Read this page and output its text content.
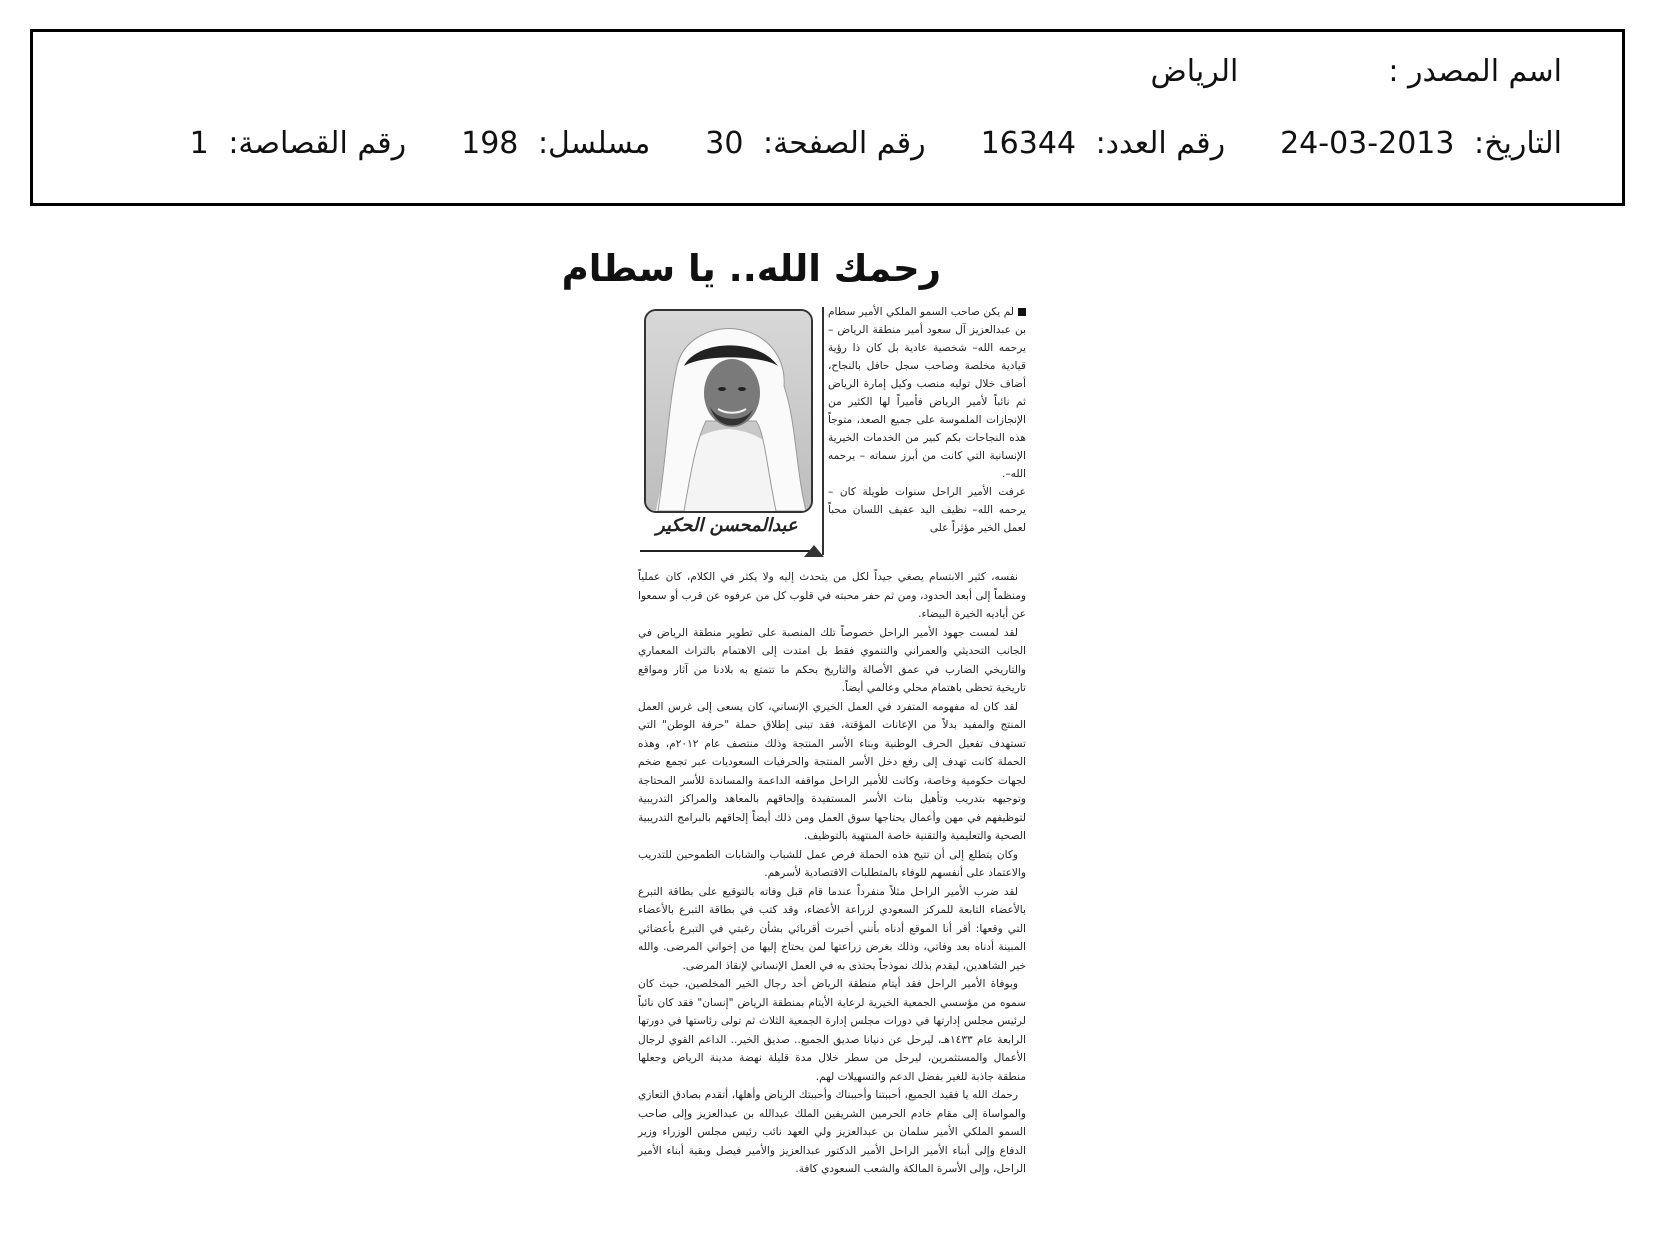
اسم المصدر :
الرياض
التاريخ: 2013-03-24
رقم العدد: 16344
رقم الصفحة: 30
مسلسل: 198
رقم القصاصة: 1
رحمك الله.. يا سطام
عبدالمحسن الحكير

لم يكن صاحب السمو الملكي الأمير سطام بن عبدالعزيز آل سعود أمير منطقة الرياض – يرحمه الله– شخصية عادية بل كان ذا رؤية قيادية مخلصة وصاحب سجل حافل بالنجاح، أضاف خلال توليه منصب وكيل إمارة الرياض ثم نائباً لأمير الرياض فأميراً لها الكثير من الإنجازات الملموسة على جميع الصعد، متوجاً هذه النجاحات بكم كبير من الخدمات الخيرية الإنسانية التي كانت من أبرز سماته – يرحمه الله–.

عرفت الأمير الراحل سنوات طويلة كان –يرحمه الله– نظيف اليد عفيف اللسان محباً لعمل الخير مؤثراً على

نفسه، كثير الابتسام يصغي جيداً لكل من يتحدث إليه ولا يكثر في الكلام، كان عملياً ومنظماً إلى أبعد الحدود، ومن ثم حفر محبته في قلوب كل من عرفوه عن قرب أو سمعوا عن أياديه الخيرة البيضاء.

لقد لمست جهود الأمير الراحل خصوصاً تلك المنصبة على تطوير منطقة الرياض في الجانب التحديثي والعمراني والتنموي فقط بل امتدت إلى الاهتمام بالتراث المعماري والتاريخي الضارب في عمق الأصالة والتاريخ بحكم ما تتمتع به بلادنا من آثار ومواقع تاريخية تحظى باهتمام محلي وعالمي أيضاً.

لقد كان له مفهومه المتفرد في العمل الخيري الإنساني، كان يسعى إلى غرس العمل المنتج والمفيد بدلاً من الإعانات المؤقتة، فقد تبنى إطلاق حملة "حرفة الوطن" التي تستهدف تفعيل الحرف الوطنية وبناء الأسر المنتجة وذلك منتصف عام ٢٠١٢م، وهذه الحملة كانت تهدف إلى رفع دخل الأسر المنتجة والحرفيات السعوديات عبر تجمع ضخم لجهات حكومية وخاصة، وكانت للأمير الراحل مواقفه الداعمة والمساندة للأسر المحتاجة وتوجيهه بتدريب وتأهيل بنات الأسر المستفيدة وإلحاقهم بالمعاهد والمراكز التدريبية لتوظيفهم في مهن وأعمال يحتاجها سوق العمل ومن ذلك أيضاً إلحاقهم بالبرامج التدريبية الصحية والتعليمية والتقنية خاصة المنتهية بالتوظيف.

وكان يتطلع إلى أن تتيح هذه الحملة فرص عمل للشباب والشابات الطموحين للتدريب والاعتماد على أنفسهم للوفاء بالمتطلبات الاقتصادية لأسرهم.

لقد ضرب الأمير الراحل مثلاً منفرداً عندما قام قبل وفاته بالتوقيع على بطاقة التبرع بالأعضاء التابعة للمركز السعودي لزراعة الأعضاء، وقد كتب في بطاقة التبرع بالأعضاء التي وقعها: أقر أنا الموقع أدناه بأنني أخبرت أقربائي بشأن رغبتي في التبرع بأعضائي المبينة أدناه بعد وفاتي، وذلك بغرض زراعتها لمن يحتاج إليها من إخواني المرضى. والله خير الشاهدين، ليقدم بذلك نموذجاً يحتذى به في العمل الإنساني لإنقاذ المرضى.

وبوفاة الأمير الراحل فقد أيتام منطقة الرياض أحد رجال الخير المخلصين، حيث كان سموه من مؤسسي الجمعية الخيرية لرعاية الأيتام بمنطقة الرياض "إنسان" فقد كان نائباً لرئيس مجلس إدارتها في دورات مجلس إدارة الجمعية الثلاث ثم تولى رئاستها في دورتها الرابعة عام ١٤٣٣هـ، ليرحل عن دنيانا صديق الجميع.. صديق الخير.. الداعم القوي لرجال الأعمال والمستثمرين، ليرحل من سطر خلال مدة قليلة نهضة مدينة الرياض وجعلها منطقة جاذبة للغير بفضل الدعم والتسهيلات لهم.

رحمك الله يا فقيد الجميع، أحببتنا وأحببناك وأحببتك الرياض وأهلها، أتقدم بصادق التعازي والمواساة إلى مقام خادم الحرمين الشريفين الملك عبدالله بن عبدالعزيز وإلى صاحب السمو الملكي الأمير سلمان بن عبدالعزيز ولي العهد نائب رئيس مجلس الوزراء وزير الدفاع وإلى أبناء الأمير الراحل الأمير الدكتور عبدالعزيز والأمير فيصل وبقية أبناء الأمير الراحل، وإلى الأسرة المالكة والشعب السعودي كافة.
